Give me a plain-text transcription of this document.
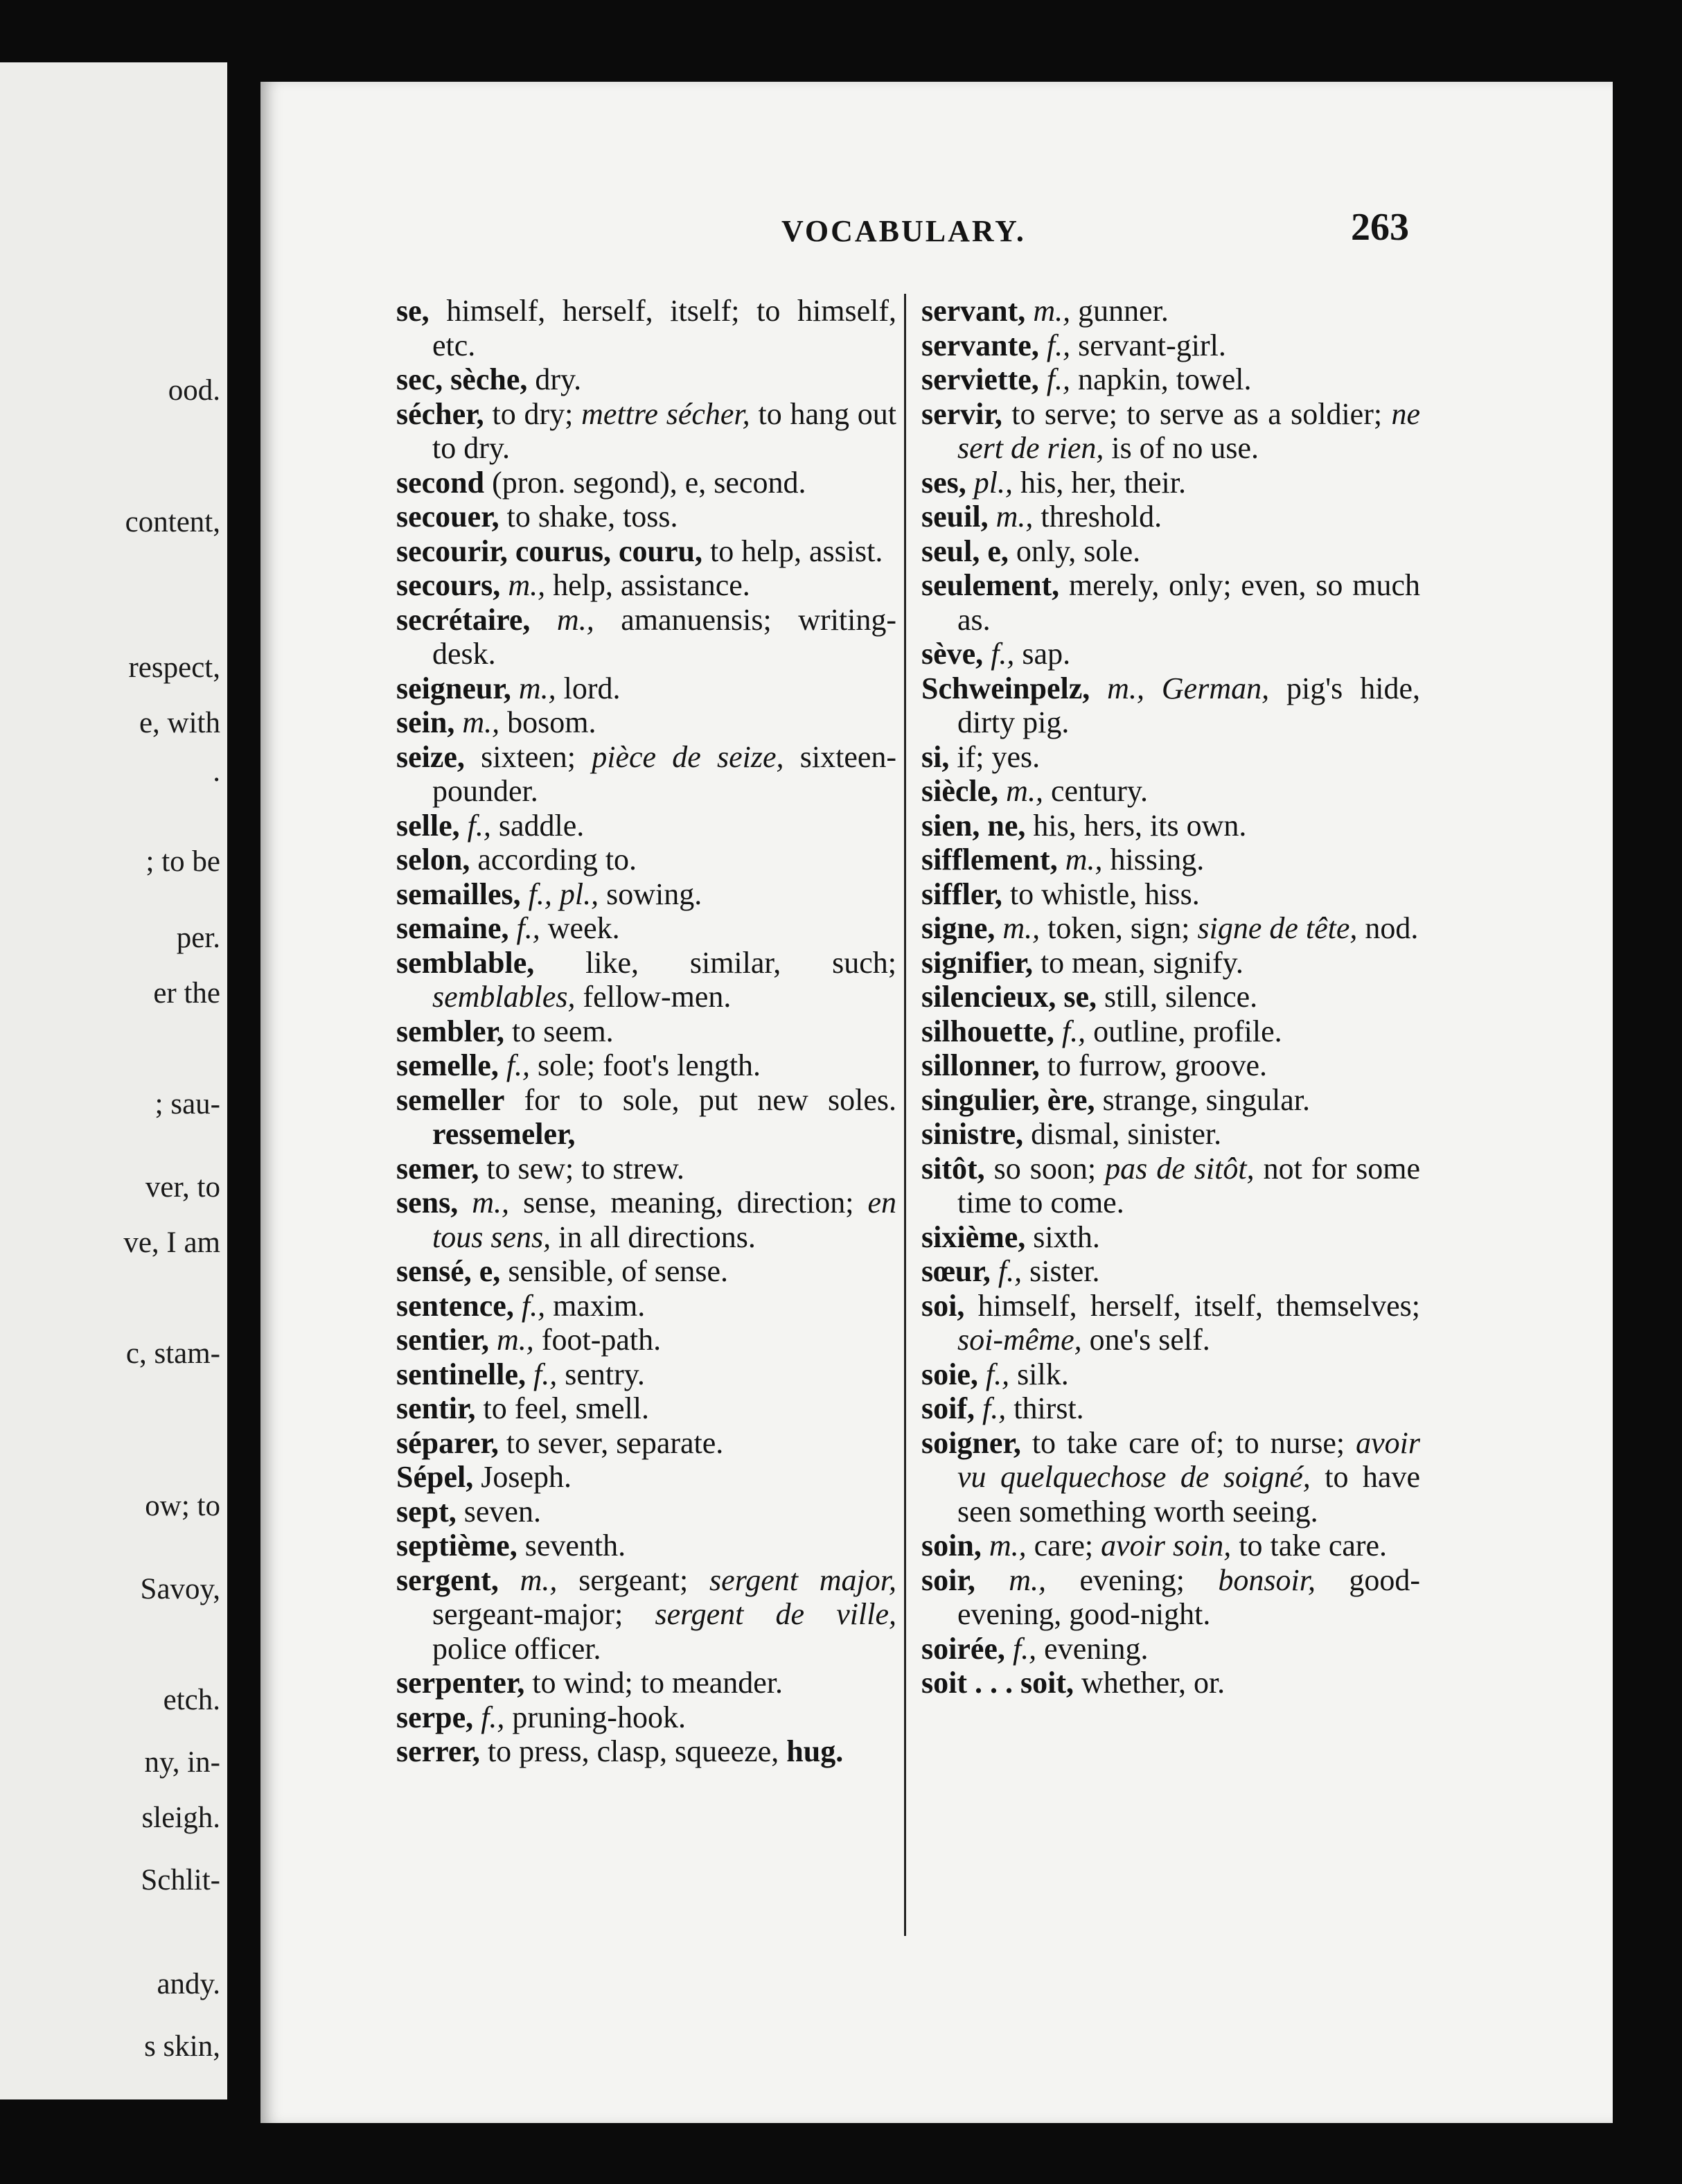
ood.
content,
respect,
e, with
.
; to be
per.
er the
; sau-
ver, to
ve, I am
c, stam-
ow; to
Savoy,
etch.
ny, in-
sleigh.
Schlit-
andy.
s skin,
VOCABULARY.	263

se, himself, herself, itself; to himself, etc.

sec, sèche, dry.

sécher, to dry; mettre sécher, to hang out to dry.

second (pron. segond), e, second.

secouer, to shake, toss.

secourir, courus, couru, to help, assist.

secours, m., help, assistance.

secrétaire, m., amanuensis; writing-desk.

seigneur, m., lord.

sein, m., bosom.

seize, sixteen; pièce de seize, sixteen-pounder.

selle, f., saddle.

selon, according to.

semailles, f., pl., sowing.

semaine, f., week.

semblable, like, similar, such; semblables, fellow-men.

sembler, to seem.

semelle, f., sole; foot's length.

semeller for to sole, put new soles. ressemeler,

semer, to sew; to strew.

sens, m., sense, meaning, direction; en tous sens, in all directions.

sensé, e, sensible, of sense.

sentence, f., maxim.

sentier, m., foot-path.

sentinelle, f., sentry.

sentir, to feel, smell.

séparer, to sever, separate.

Sépel, Joseph.

sept, seven.

septième, seventh.

sergent, m., sergeant; sergent major, sergeant-major; sergent de ville, police officer.

serpenter, to wind; to meander.

serpe, f., pruning-hook.

serrer, to press, clasp, squeeze, hug.

servant, m., gunner.

servante, f., servant-girl.

serviette, f., napkin, towel.

servir, to serve; to serve as a soldier; ne sert de rien, is of no use.

ses, pl., his, her, their.

seuil, m., threshold.

seul, e, only, sole.

seulement, merely, only; even, so much as.

sève, f., sap.

Schweinpelz, m., German, pig's hide, dirty pig.

si, if; yes.

siècle, m., century.

sien, ne, his, hers, its own.

sifflement, m., hissing.

siffler, to whistle, hiss.

signe, m., token, sign; signe de tête, nod.

signifier, to mean, signify.

silencieux, se, still, silence.

silhouette, f., outline, profile.

sillonner, to furrow, groove.

singulier, ère, strange, singular.

sinistre, dismal, sinister.

sitôt, so soon; pas de sitôt, not for some time to come.

sixième, sixth.

sœur, f., sister.

soi, himself, herself, itself, themselves; soi-même, one's self.

soie, f., silk.

soif, f., thirst.

soigner, to take care of; to nurse; avoir vu quelquechose de soigné, to have seen something worth seeing.

soin, m., care; avoir soin, to take care.

soir, m., evening; bonsoir, good-evening, good-night.

soirée, f., evening.

soit . . . soit, whether, or.
